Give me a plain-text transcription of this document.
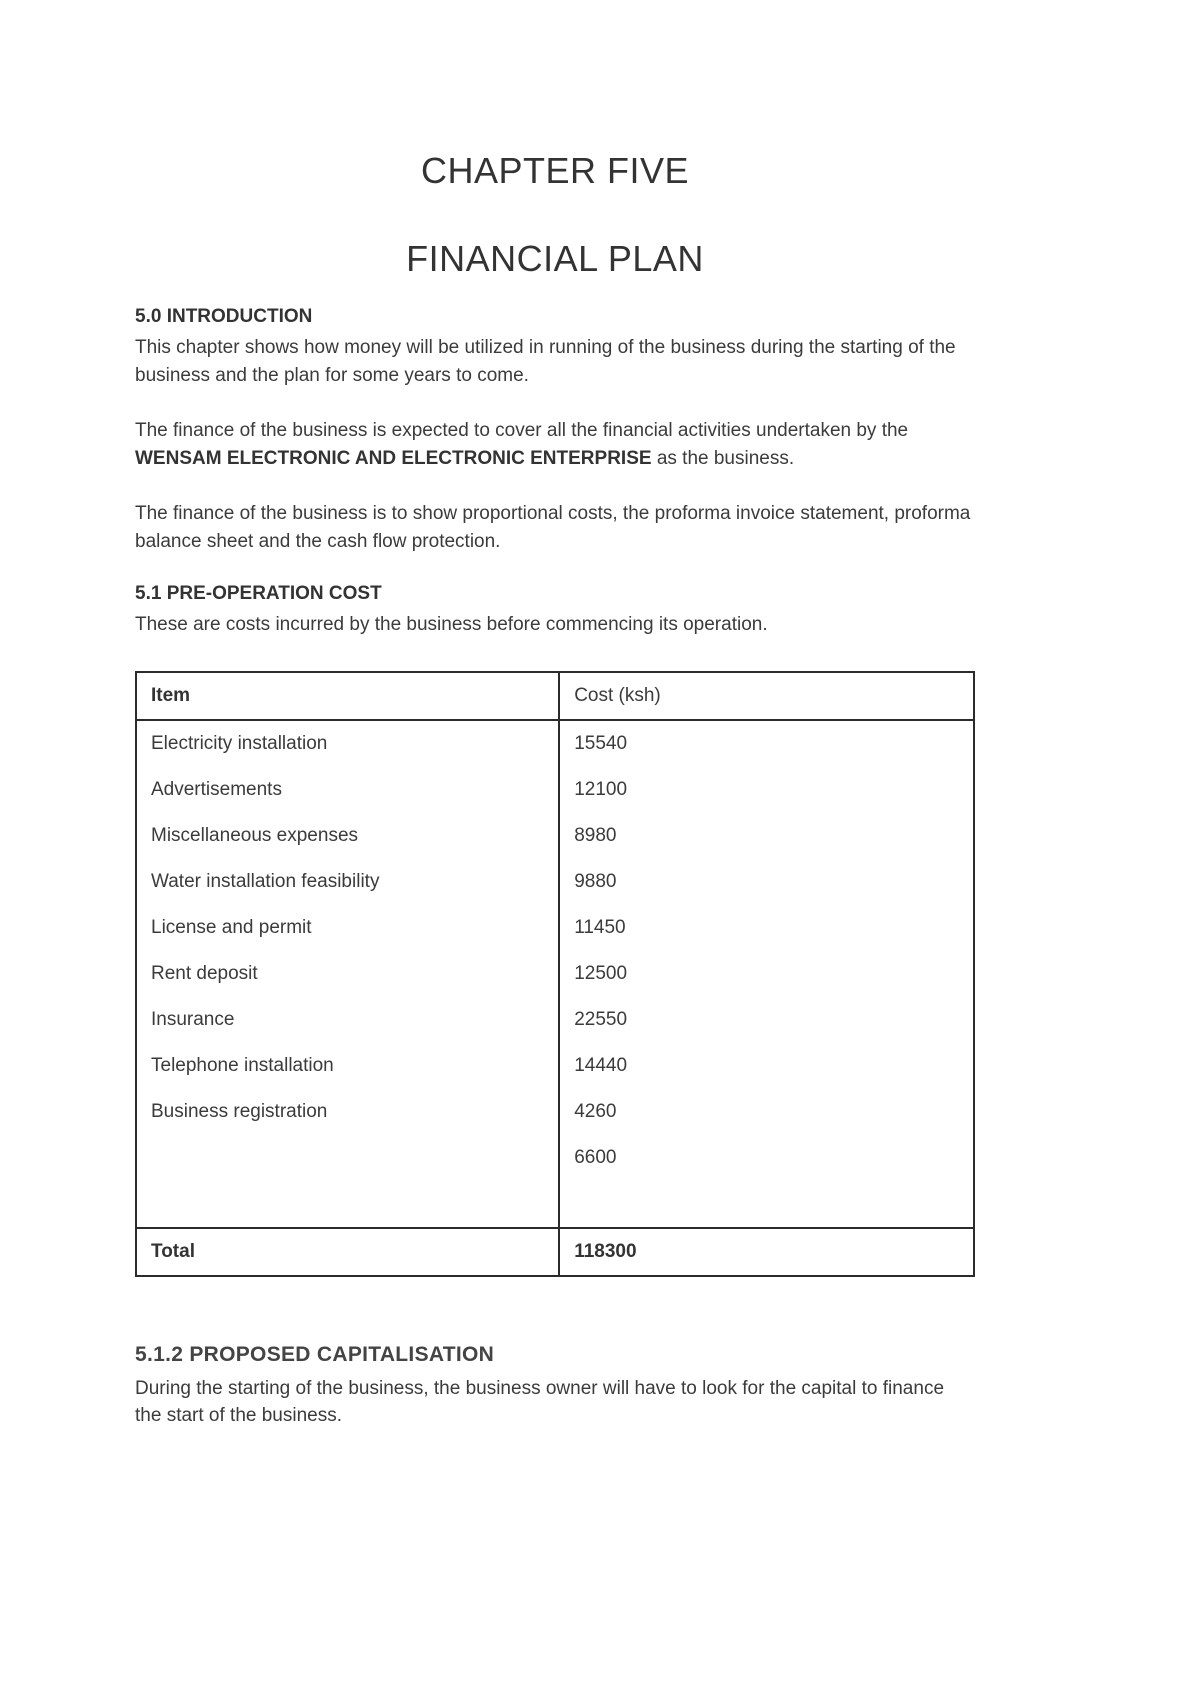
CHAPTER FIVE
FINANCIAL PLAN
5.0 INTRODUCTION

This chapter shows how money will be utilized in running of the business during the starting of the business and the plan for some years to come.

The finance of the business is expected to cover all the financial activities undertaken by the WENSAM ELECTRONIC AND ELECTRONIC ENTERPRISE as the business.

The finance of the business is to show proportional costs, the proforma invoice statement, proforma balance sheet and the cash flow protection.

5.1 PRE-OPERATION COST

These are costs incurred by the business before commencing its operation.

Item	Cost (ksh)
Electricity installation	15540
Advertisements	12100
Miscellaneous expenses	8980
Water installation feasibility	9880
License and permit	11450
Rent deposit	12500
Insurance	22550
Telephone installation	14440
Business registration	4260
	6600

Total	118300
5.1.2 PROPOSED CAPITALISATION

During the starting of the business, the business owner will have to look for the capital to finance the start of the business.
